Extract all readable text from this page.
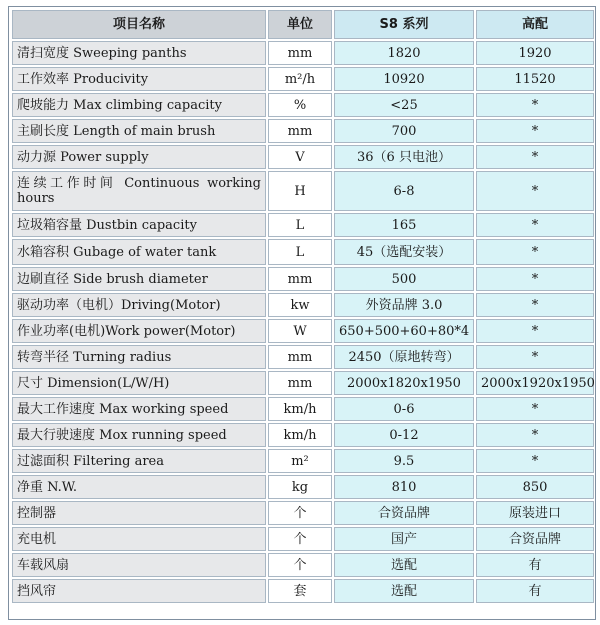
项目名称	单位	S8 系列	高配
清扫宽度 Sweeping panths	mm	1820	1920
工作效率 Producivity	m²/h	10920	11520
爬坡能力 Max climbing capacity	%	<25	*
主刷长度 Length of main brush	mm	700	*
动力源 Power supply	V	36（6 只电池）	*
连续工作时间 Continuous working hours	H	6-8	*
垃圾箱容量 Dustbin capacity	L	165	*
水箱容积 Gubage of water tank	L	45（选配安装）	*
边刷直径 Side brush diameter	mm	500	*
驱动功率（电机）Driving(Motor)	kw	外资品牌 3.0	*
作业功率(电机)Work power(Motor)	W	650+500+60+80*4	*
转弯半径 Turning radius	mm	2450（原地转弯）	*
尺寸 Dimension(L/W/H)	mm	2000x1820x1950	2000x1920x1950
最大工作速度 Max working speed	km/h	0-6	*
最大行驶速度 Mox running speed	km/h	0-12	*
过滤面积 Filtering area	m²	9.5	*
净重 N.W.	kg	810	850
控制器	个	合资品牌	原装进口
充电机	个	国产	合资品牌
车载风扇	个	选配	有
挡风帘	套	选配	有
